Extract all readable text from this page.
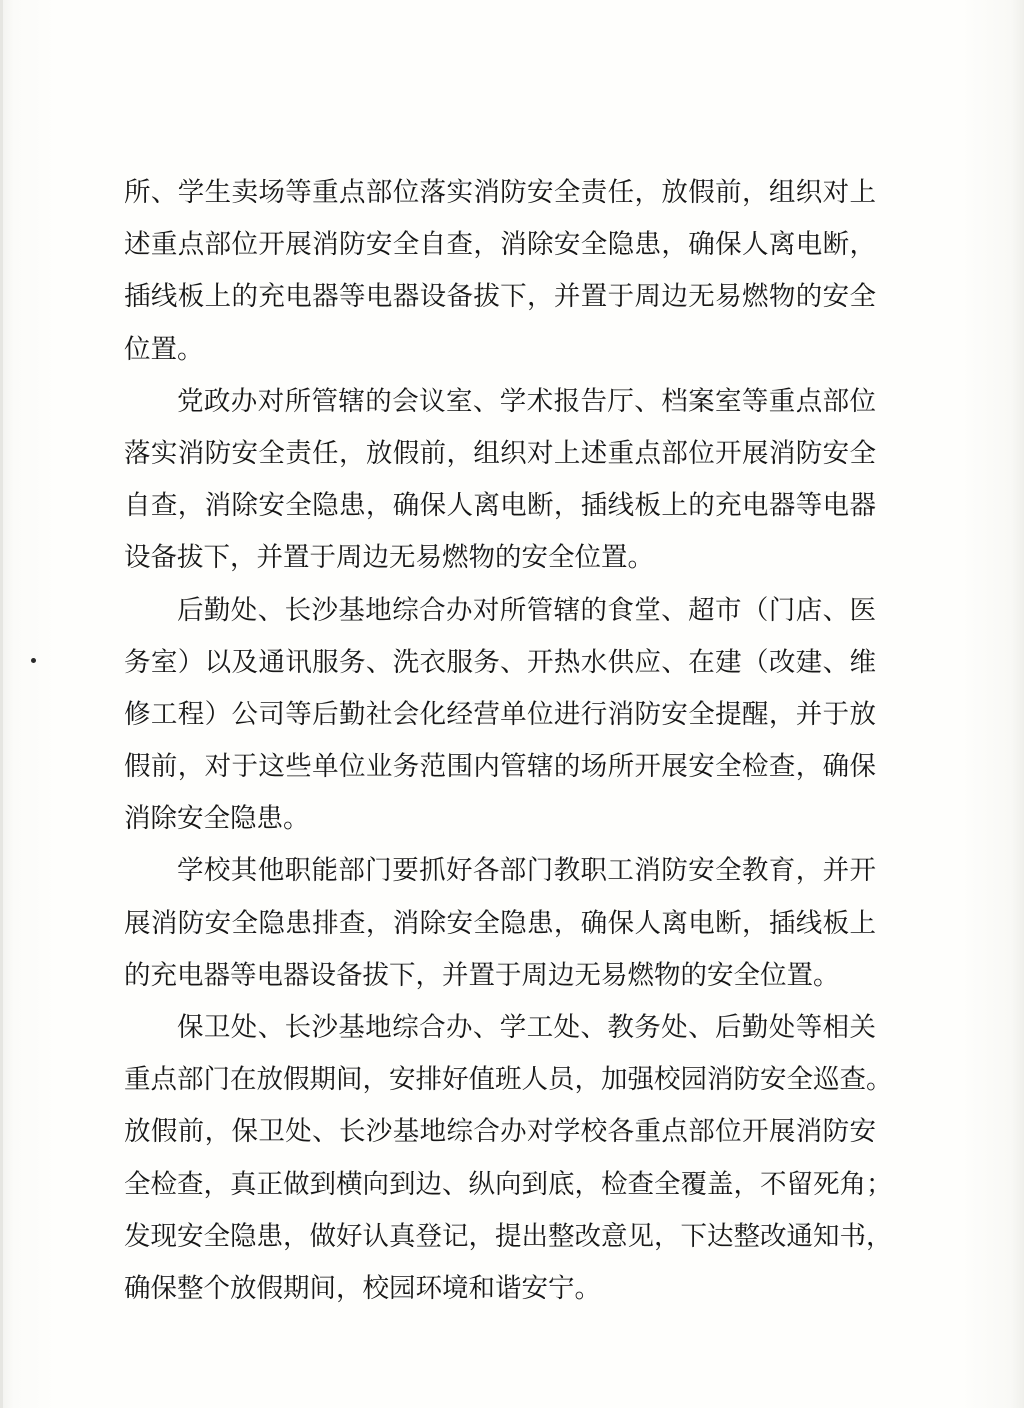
所、学生卖场等重点部位落实消防安全责任，放假前，组织对上
述重点部位开展消防安全自查，消除安全隐患，确保人离电断，
插线板上的充电器等电器设备拔下，并置于周边无易燃物的安全
位置。
党政办对所管辖的会议室、学术报告厅、档案室等重点部位
落实消防安全责任，放假前，组织对上述重点部位开展消防安全
自查，消除安全隐患，确保人离电断，插线板上的充电器等电器
设备拔下，并置于周边无易燃物的安全位置。
后勤处、长沙基地综合办对所管辖的食堂、超市（门店、医
务室）以及通讯服务、洗衣服务、开热水供应、在建（改建、维
修工程）公司等后勤社会化经营单位进行消防安全提醒，并于放
假前，对于这些单位业务范围内管辖的场所开展安全检查，确保
消除安全隐患。
学校其他职能部门要抓好各部门教职工消防安全教育，并开
展消防安全隐患排查，消除安全隐患，确保人离电断，插线板上
的充电器等电器设备拔下，并置于周边无易燃物的安全位置。
保卫处、长沙基地综合办、学工处、教务处、后勤处等相关
重点部门在放假期间，安排好值班人员，加强校园消防安全巡查。
放假前，保卫处、长沙基地综合办对学校各重点部位开展消防安
全检查，真正做到横向到边、纵向到底，检查全覆盖，不留死角；
发现安全隐患，做好认真登记，提出整改意见，下达整改通知书，
确保整个放假期间，校园环境和谐安宁。
